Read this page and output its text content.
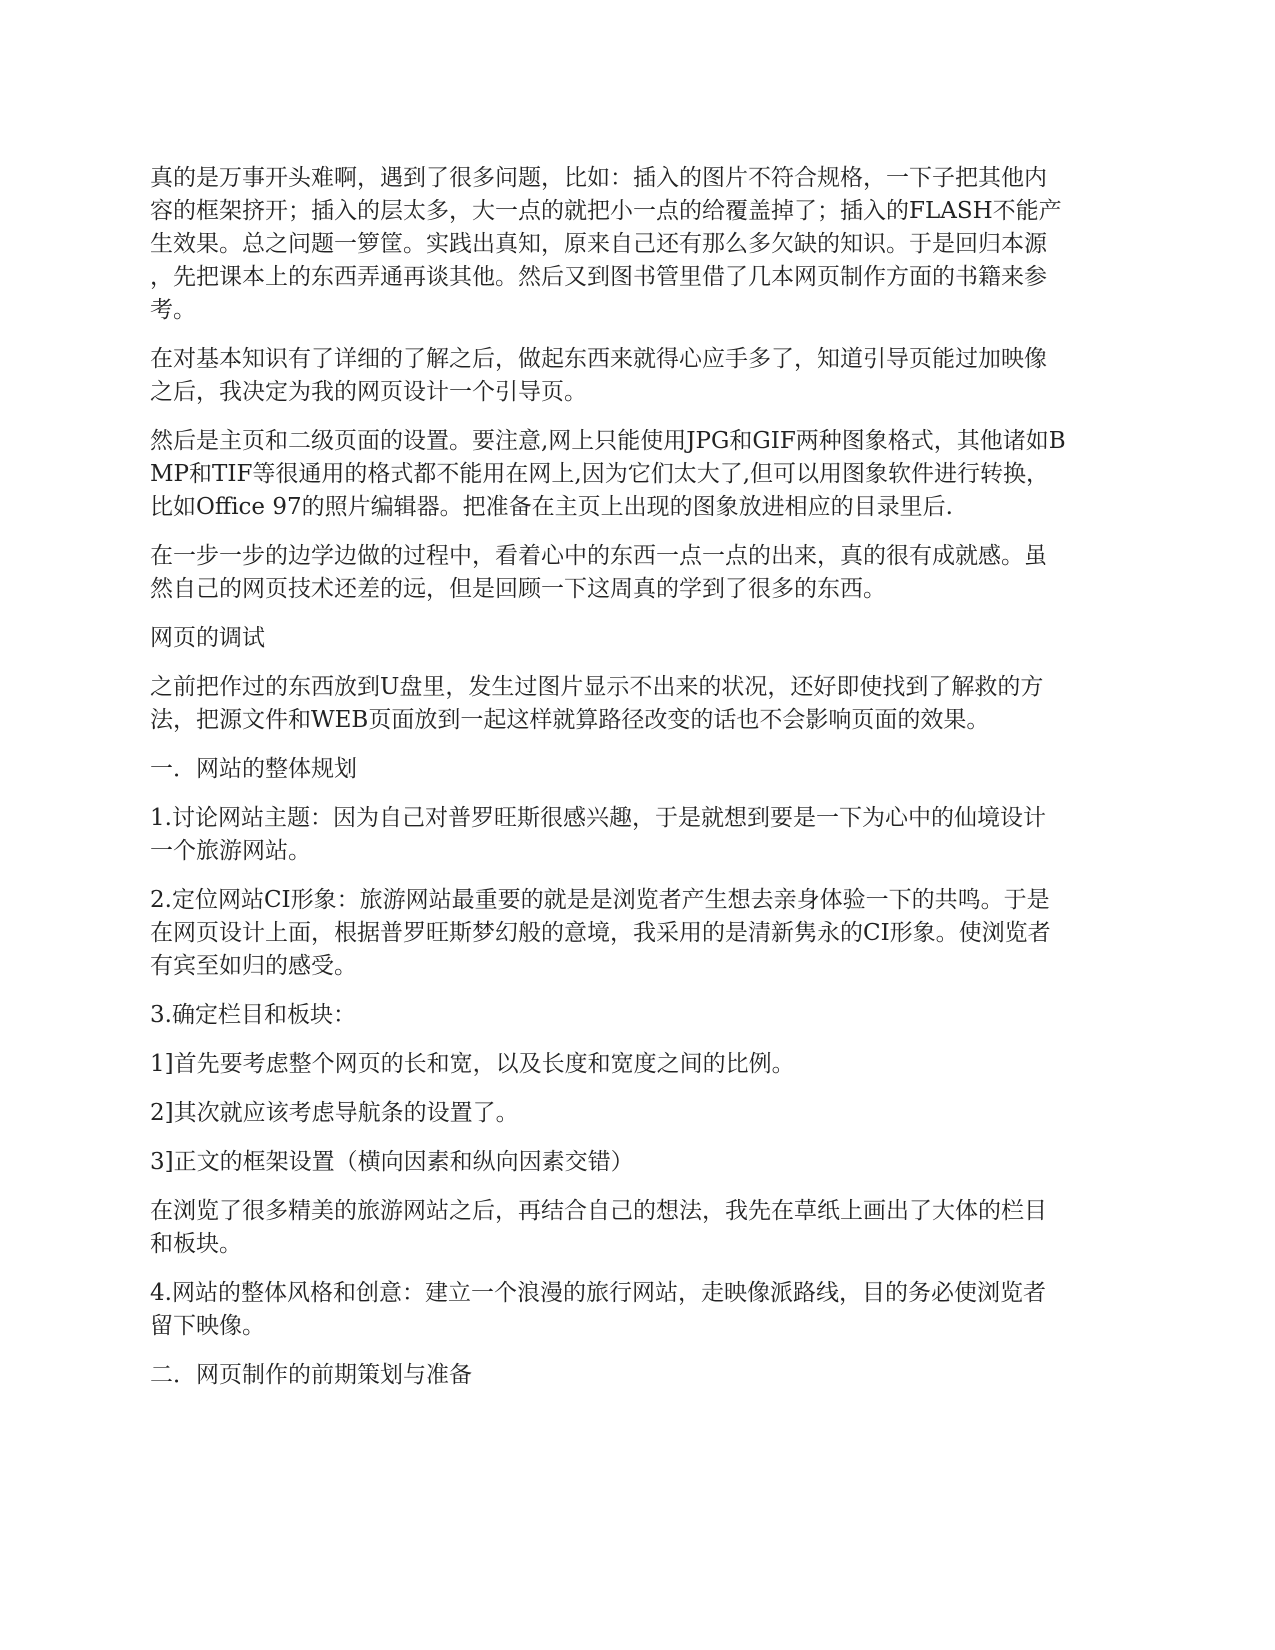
真的是万事开头难啊，遇到了很多问题，比如：插入的图片不符合规格，一下子把其他内
容的框架挤开；插入的层太多，大一点的就把小一点的给覆盖掉了；插入的FLASH不能产
生效果。总之问题一箩筐。实践出真知，原来自己还有那么多欠缺的知识。于是回归本源
，先把课本上的东西弄通再谈其他。然后又到图书管里借了几本网页制作方面的书籍来参
考。

在对基本知识有了详细的了解之后，做起东西来就得心应手多了，知道引导页能过加映像
之后，我决定为我的网页设计一个引导页。

然后是主页和二级页面的设置。要注意,网上只能使用JPG和GIF两种图象格式，其他诸如B
MP和TIF等很通用的格式都不能用在网上,因为它们太大了,但可以用图象软件进行转换，
比如Office 97的照片编辑器。把准备在主页上出现的图象放进相应的目录里后.

在一步一步的边学边做的过程中，看着心中的东西一点一点的出来，真的很有成就感。虽
然自己的网页技术还差的远，但是回顾一下这周真的学到了很多的东西。

网页的调试

之前把作过的东西放到U盘里，发生过图片显示不出来的状况，还好即使找到了解救的方
法，把源文件和WEB页面放到一起这样就算路径改变的话也不会影响页面的效果。

一．网站的整体规划

1.讨论网站主题：因为自己对普罗旺斯很感兴趣，于是就想到要是一下为心中的仙境设计
一个旅游网站。

2.定位网站CI形象：旅游网站最重要的就是是浏览者产生想去亲身体验一下的共鸣。于是
在网页设计上面，根据普罗旺斯梦幻般的意境，我采用的是清新隽永的CI形象。使浏览者
有宾至如归的感受。

3.确定栏目和板块：

1]首先要考虑整个网页的长和宽，以及长度和宽度之间的比例。

2]其次就应该考虑导航条的设置了。

3]正文的框架设置（横向因素和纵向因素交错）

在浏览了很多精美的旅游网站之后，再结合自己的想法，我先在草纸上画出了大体的栏目
和板块。

4.网站的整体风格和创意：建立一个浪漫的旅行网站，走映像派路线，目的务必使浏览者
留下映像。

二．网页制作的前期策划与准备
